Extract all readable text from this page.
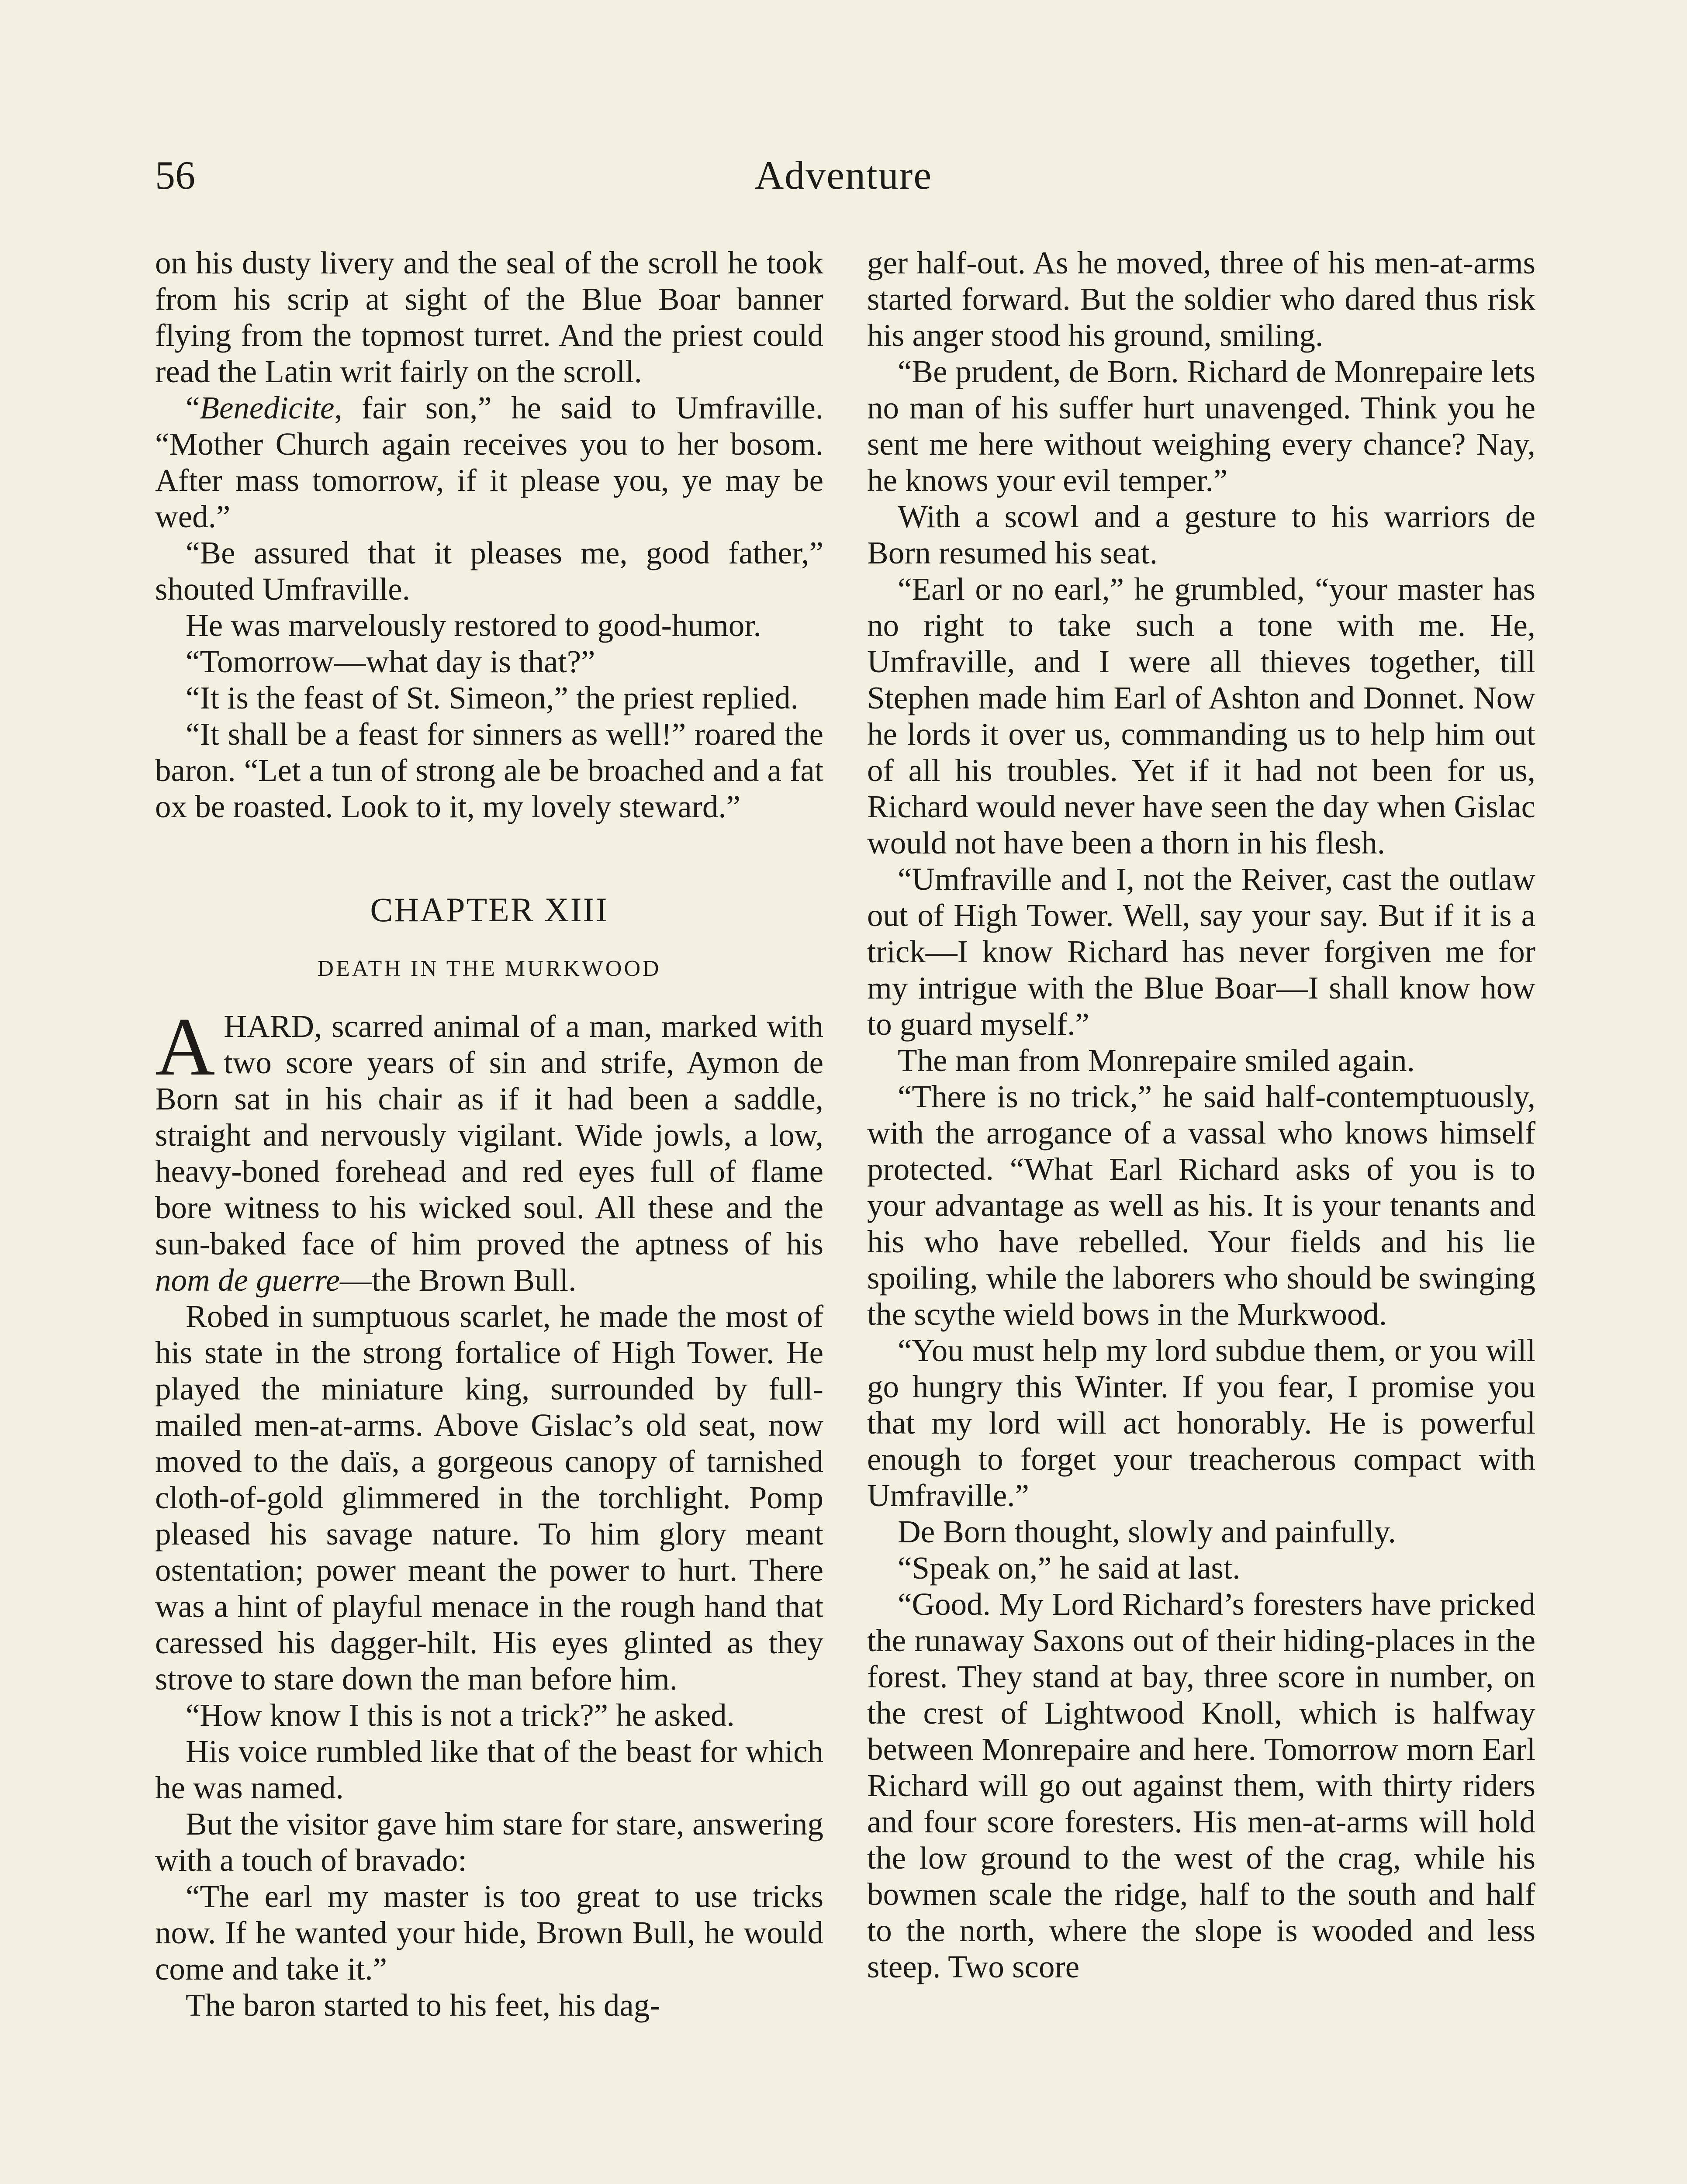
56	Adventure

on his dusty livery and the seal of the scroll he took from his scrip at sight of the Blue Boar banner flying from the topmost turret. And the priest could read the Latin writ fairly on the scroll.

“Benedicite, fair son,” he said to Umfraville. “Mother Church again receives you to her bosom. After mass tomorrow, if it please you, ye may be wed.”

“Be assured that it pleases me, good father,” shouted Umfraville.

He was marvelously restored to good-humor.

“Tomorrow—what day is that?”

“It is the feast of St. Simeon,” the priest replied.

“It shall be a feast for sinners as well!” roared the baron. “Let a tun of strong ale be broached and a fat ox be roasted. Look to it, my lovely steward.”

CHAPTER XIII
DEATH IN THE MURKWOOD

AHARD, scarred animal of a man, marked with two score years of sin and strife, Aymon de Born sat in his chair as if it had been a saddle, straight and nervously vigilant. Wide jowls, a low, heavy-boned forehead and red eyes full of flame bore witness to his wicked soul. All these and the sun-baked face of him proved the aptness of his nom de guerre—the Brown Bull.

Robed in sumptuous scarlet, he made the most of his state in the strong fortalice of High Tower. He played the miniature king, surrounded by full-mailed men-at-arms. Above Gislac’s old seat, now moved to the daïs, a gorgeous canopy of tarnished cloth-of-gold glimmered in the torchlight. Pomp pleased his savage nature. To him glory meant ostentation; power meant the power to hurt. There was a hint of playful menace in the rough hand that caressed his dagger-hilt. His eyes glinted as they strove to stare down the man before him.

“How know I this is not a trick?” he asked.

His voice rumbled like that of the beast for which he was named.

But the visitor gave him stare for stare, answering with a touch of bravado:

“The earl my master is too great to use tricks now. If he wanted your hide, Brown Bull, he would come and take it.”

The baron started to his feet, his dag-

ger half-out. As he moved, three of his men-at-arms started forward. But the soldier who dared thus risk his anger stood his ground, smiling.

“Be prudent, de Born. Richard de Monrepaire lets no man of his suffer hurt unavenged. Think you he sent me here without weighing every chance? Nay, he knows your evil temper.”

With a scowl and a gesture to his warriors de Born resumed his seat.

“Earl or no earl,” he grumbled, “your master has no right to take such a tone with me. He, Umfraville, and I were all thieves together, till Stephen made him Earl of Ashton and Donnet. Now he lords it over us, commanding us to help him out of all his troubles. Yet if it had not been for us, Richard would never have seen the day when Gislac would not have been a thorn in his flesh.

“Umfraville and I, not the Reiver, cast the outlaw out of High Tower. Well, say your say. But if it is a trick—I know Richard has never forgiven me for my intrigue with the Blue Boar—I shall know how to guard myself.”

The man from Monrepaire smiled again.

“There is no trick,” he said half-contemptuously, with the arrogance of a vassal who knows himself protected. “What Earl Richard asks of you is to your advantage as well as his. It is your tenants and his who have rebelled. Your fields and his lie spoiling, while the laborers who should be swinging the scythe wield bows in the Murkwood.

“You must help my lord subdue them, or you will go hungry this Winter. If you fear, I promise you that my lord will act honorably. He is powerful enough to forget your treacherous compact with Umfraville.”

De Born thought, slowly and painfully.

“Speak on,” he said at last.

“Good. My Lord Richard’s foresters have pricked the runaway Saxons out of their hiding-places in the forest. They stand at bay, three score in number, on the crest of Lightwood Knoll, which is halfway between Monrepaire and here. Tomorrow morn Earl Richard will go out against them, with thirty riders and four score foresters. His men-at-arms will hold the low ground to the west of the crag, while his bowmen scale the ridge, half to the south and half to the north, where the slope is wooded and less steep. Two score
